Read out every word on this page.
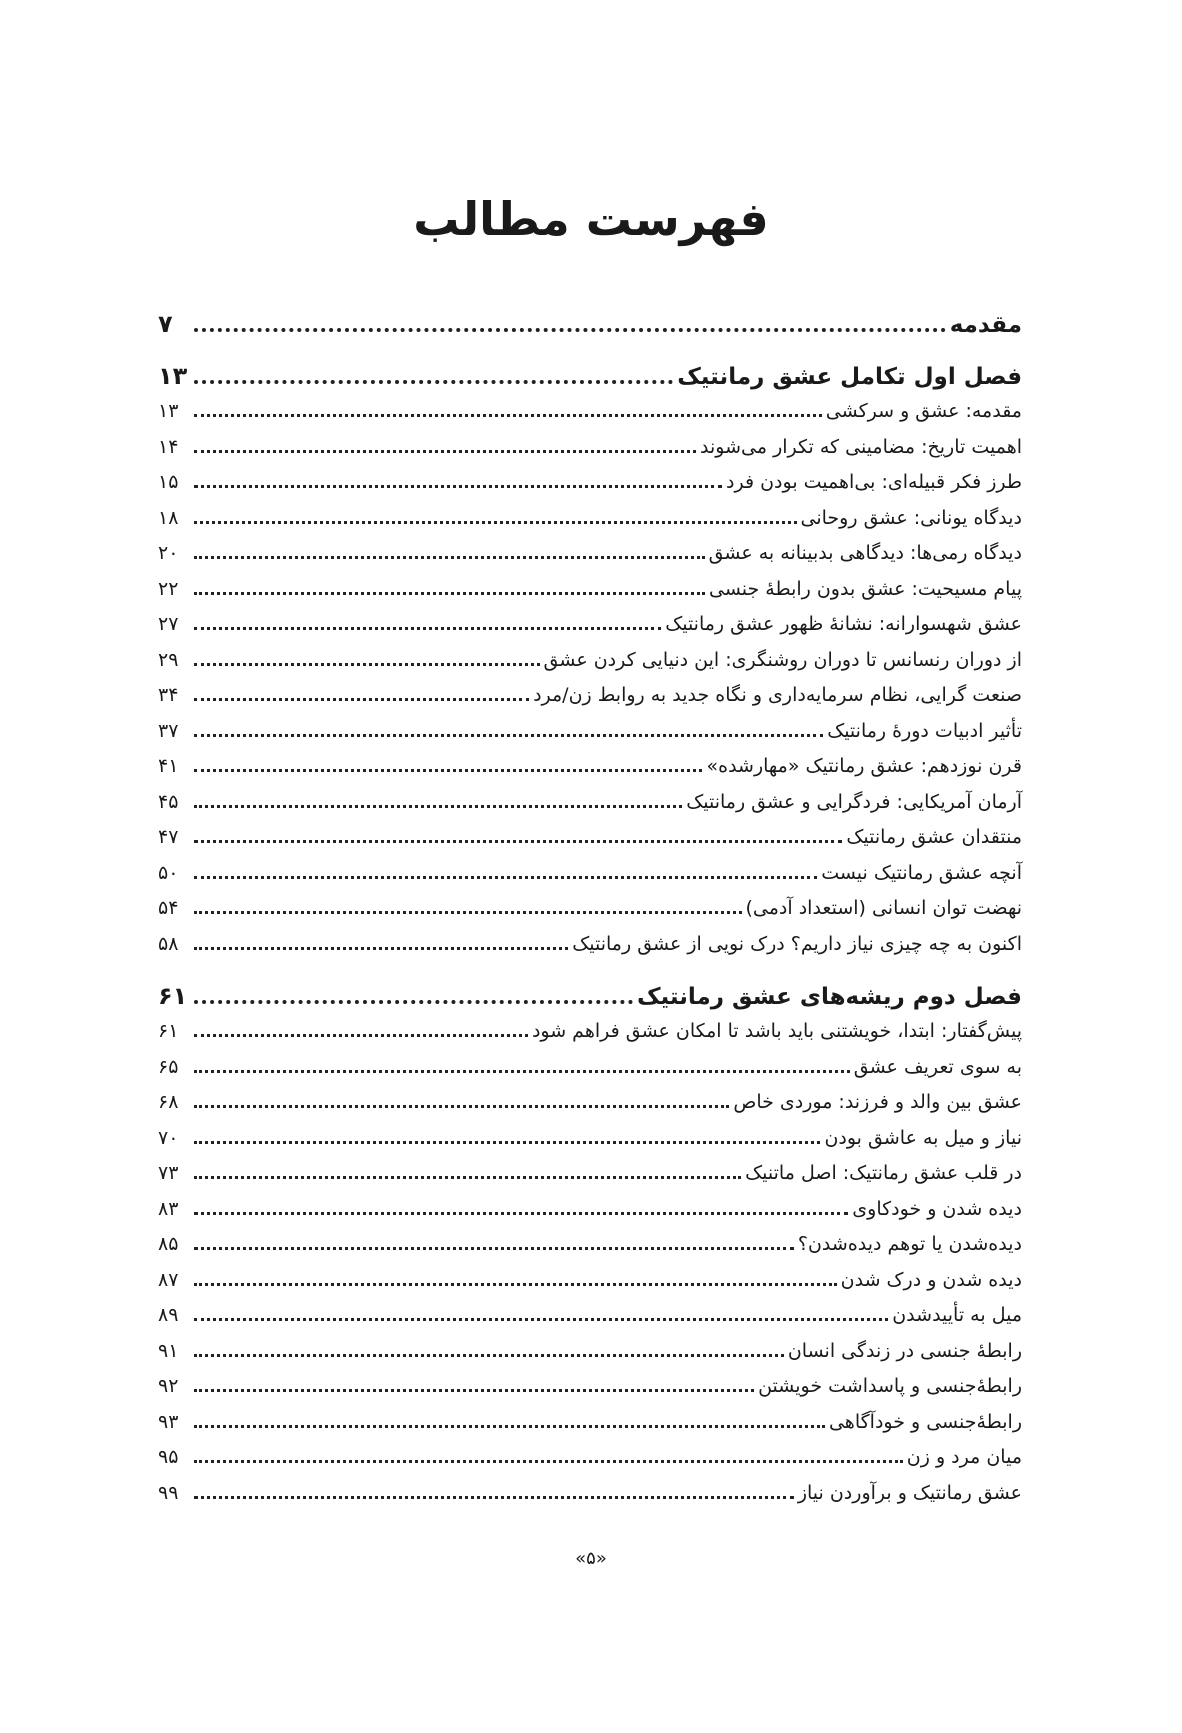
فهرست مطالب
مقدمه
۷
فصل اول تکامل عشق رمانتیک
۱۳
مقدمه: عشق و سرکشی
۱۳
اهمیت تاریخ: مضامینی که تکرار می‌شوند
۱۴
طرز فکر قبیله‌ای: بی‌اهمیت بودن فرد
۱۵
دیدگاه یونانی: عشق روحانی
۱۸
دیدگاه رمی‌ها: دیدگاهی بدبینانه به عشق
۲۰
پیام مسیحیت: عشق بدون رابطۀ جنسی
۲۲
عشق شهسوارانه: نشانۀ ظهور عشق رمانتیک
۲۷
از دوران رنسانس تا دوران روشنگری: این دنیایی کردن عشق
۲۹
صنعت گرایی، نظام سرمایه‌داری و نگاه جدید به روابط زن/مرد
۳۴
تأثیر ادبیات دورۀ رمانتیک
۳۷
قرن نوزدهم: عشق رمانتیک «مهارشده»
۴۱
آرمان آمریکایی: فردگرایی و عشق رمانتیک
۴۵
منتقدان عشق رمانتیک
۴۷
آنچه عشق رمانتیک نیست
۵۰
نهضت توان انسانی (استعداد آدمی)
۵۴
اکنون به چه چیزی نیاز داریم؟ درک نویی از عشق رمانتیک
۵۸
فصل دوم ریشه‌های عشق رمانتیک
۶۱
پیش‌گفتار: ابتدا، خویشتنی باید باشد تا امکان عشق فراهم شود
۶۱
به سوی تعریف عشق
۶۵
عشق بین والد و فرزند: موردی خاص
۶۸
نیاز و میل به عاشق بودن
۷۰
در قلب عشق رمانتیک: اصل ماتنیک
۷۳
دیده شدن و خودکاوی
۸۳
دیده‌شدن یا توهم دیده‌شدن؟
۸۵
دیده شدن و درک شدن
۸۷
میل به تأییدشدن
۸۹
رابطۀ جنسی در زندگی انسان
۹۱
رابطۀجنسی و پاسداشت خویشتن
۹۲
رابطۀجنسی و خودآگاهی
۹۳
میان مرد و زن
۹۵
عشق رمانتیک و برآوردن نیاز
۹۹
«۵»
